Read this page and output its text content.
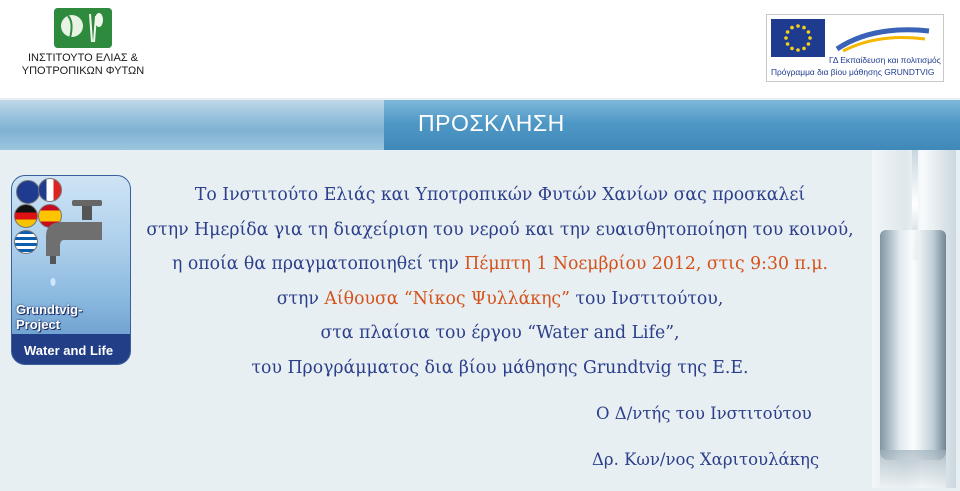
ΙΝΣΤΙΤΟΥΤΟ ΕΛΙΑΣ &
ΥΠΟΤΡΟΠΙΚΩΝ ΦΥΤΩΝ
ΓΔ Εκπαίδευση και πολιτισμός
Πρόγραμμα δια βίου μάθησης GRUNDTVIG
ΠΡΟΣΚΛΗΣΗ
Grundtvig-Project
Water and Life
Το Ινστιτούτο Ελιάς και Υποτροπικών Φυτών Χανίων σας προσκαλεί
στην Ημερίδα για τη διαχείριση του νερού και την ευαισθητοποίηση του κοινού,
η οποία θα πραγματοποιηθεί την Πέμπτη 1 Νοεμβρίου 2012, στις 9:30 π.μ.
στην Αίθουσα “Νίκος Ψυλλάκης” του Ινστιτούτου,
στα πλαίσια του έργου “Water and Life”,
του Προγράμματος δια βίου μάθησης Grundtvig της Ε.Ε.
Ο Δ/ντής του Ινστιτούτου
Δρ. Κων/νος Χαριτουλάκης
